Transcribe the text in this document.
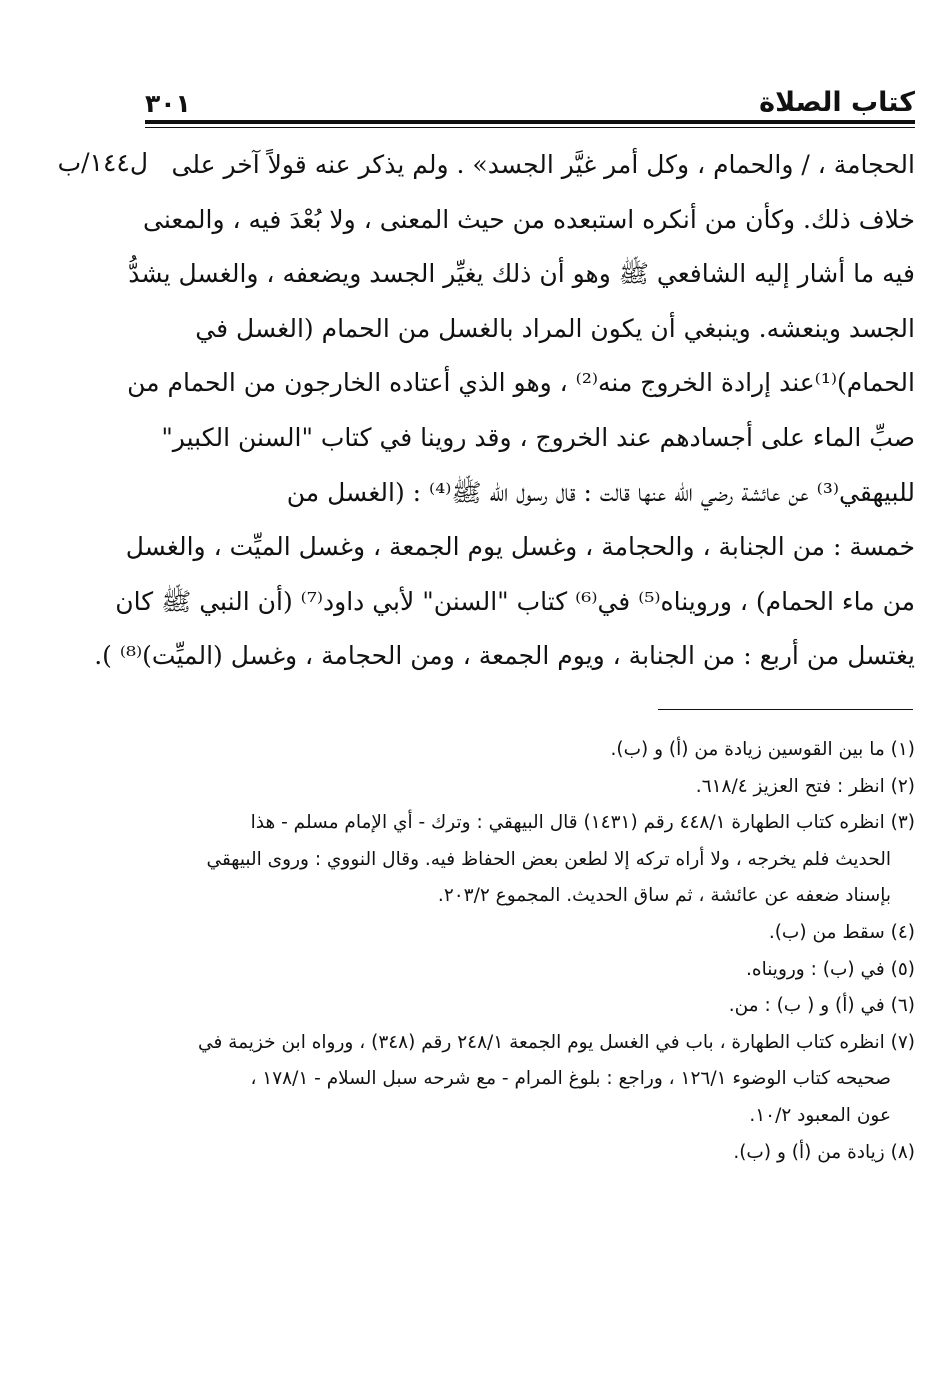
كتاب الصلاة
٣٠١
ل١٤٤/ب الحجامة ، / والحمام ، وكل أمر غيَّر الجسد» . ولم يذكر عنه قولاً آخر على

خلاف ذلك. وكأن من أنكره استبعده من حيث المعنى ، ولا بُعْدَ فيه ، والمعنى

فيه ما أشار إليه الشافعي ﷺ وهو أن ذلك يغيِّر الجسد ويضعفه ، والغسل يشدُّ

الجسد وينعشه. وينبغي أن يكون المراد بالغسل من الحمام (الغسل في

الحمام)⁽¹⁾عند إرادة الخروج منه⁽²⁾ ، وهو الذي أعتاده الخارجون من الحمام من

صبِّ الماء على أجسادهم عند الخروج ، وقد روينا في كتاب "السنن الكبير"

للبيهقي⁽³⁾ عن عائشة رضي الله عنها قالت : قال رسول الله ﷺ⁽⁴⁾ : (الغسل من

خمسة : من الجنابة ، والحجامة ، وغسل يوم الجمعة ، وغسل الميِّت ، والغسل

من ماء الحمام) ، ورويناه⁽⁵⁾ في⁽⁶⁾ كتاب "السنن" لأبي داود⁽⁷⁾ (أن النبي ﷺ كان

يغتسل من أربع : من الجنابة ، ويوم الجمعة ، ومن الحجامة ، وغسل (الميِّت)⁽⁸⁾ ).

(١) ما بين القوسين زيادة من (أ) و (ب).

(٢) انظر : فتح العزيز ٦١٨/٤.

(٣) انظره كتاب الطهارة ٤٤٨/١ رقم (١٤٣١) قال البيهقي : وترك - أي الإمام مسلم - هذا
الحديث فلم يخرجه ، ولا أراه تركه إلا لطعن بعض الحفاظ فيه. وقال النووي : وروى البيهقي
بإسناد ضعفه عن عائشة ، ثم ساق الحديث. المجموع ٢٠٣/٢.

(٤) سقط من (ب).

(٥) في (ب) : ورويناه.

(٦) في (أ) و ( ب) : من.

(٧) انظره كتاب الطهارة ، باب في الغسل يوم الجمعة ٢٤٨/١ رقم (٣٤٨) ، ورواه ابن خزيمة في
صحيحه كتاب الوضوء ١٢٦/١ ، وراجع : بلوغ المرام - مع شرحه سبل السلام - ١٧٨/١ ،
عون المعبود ١٠/٢.

(٨) زيادة من (أ) و (ب).
